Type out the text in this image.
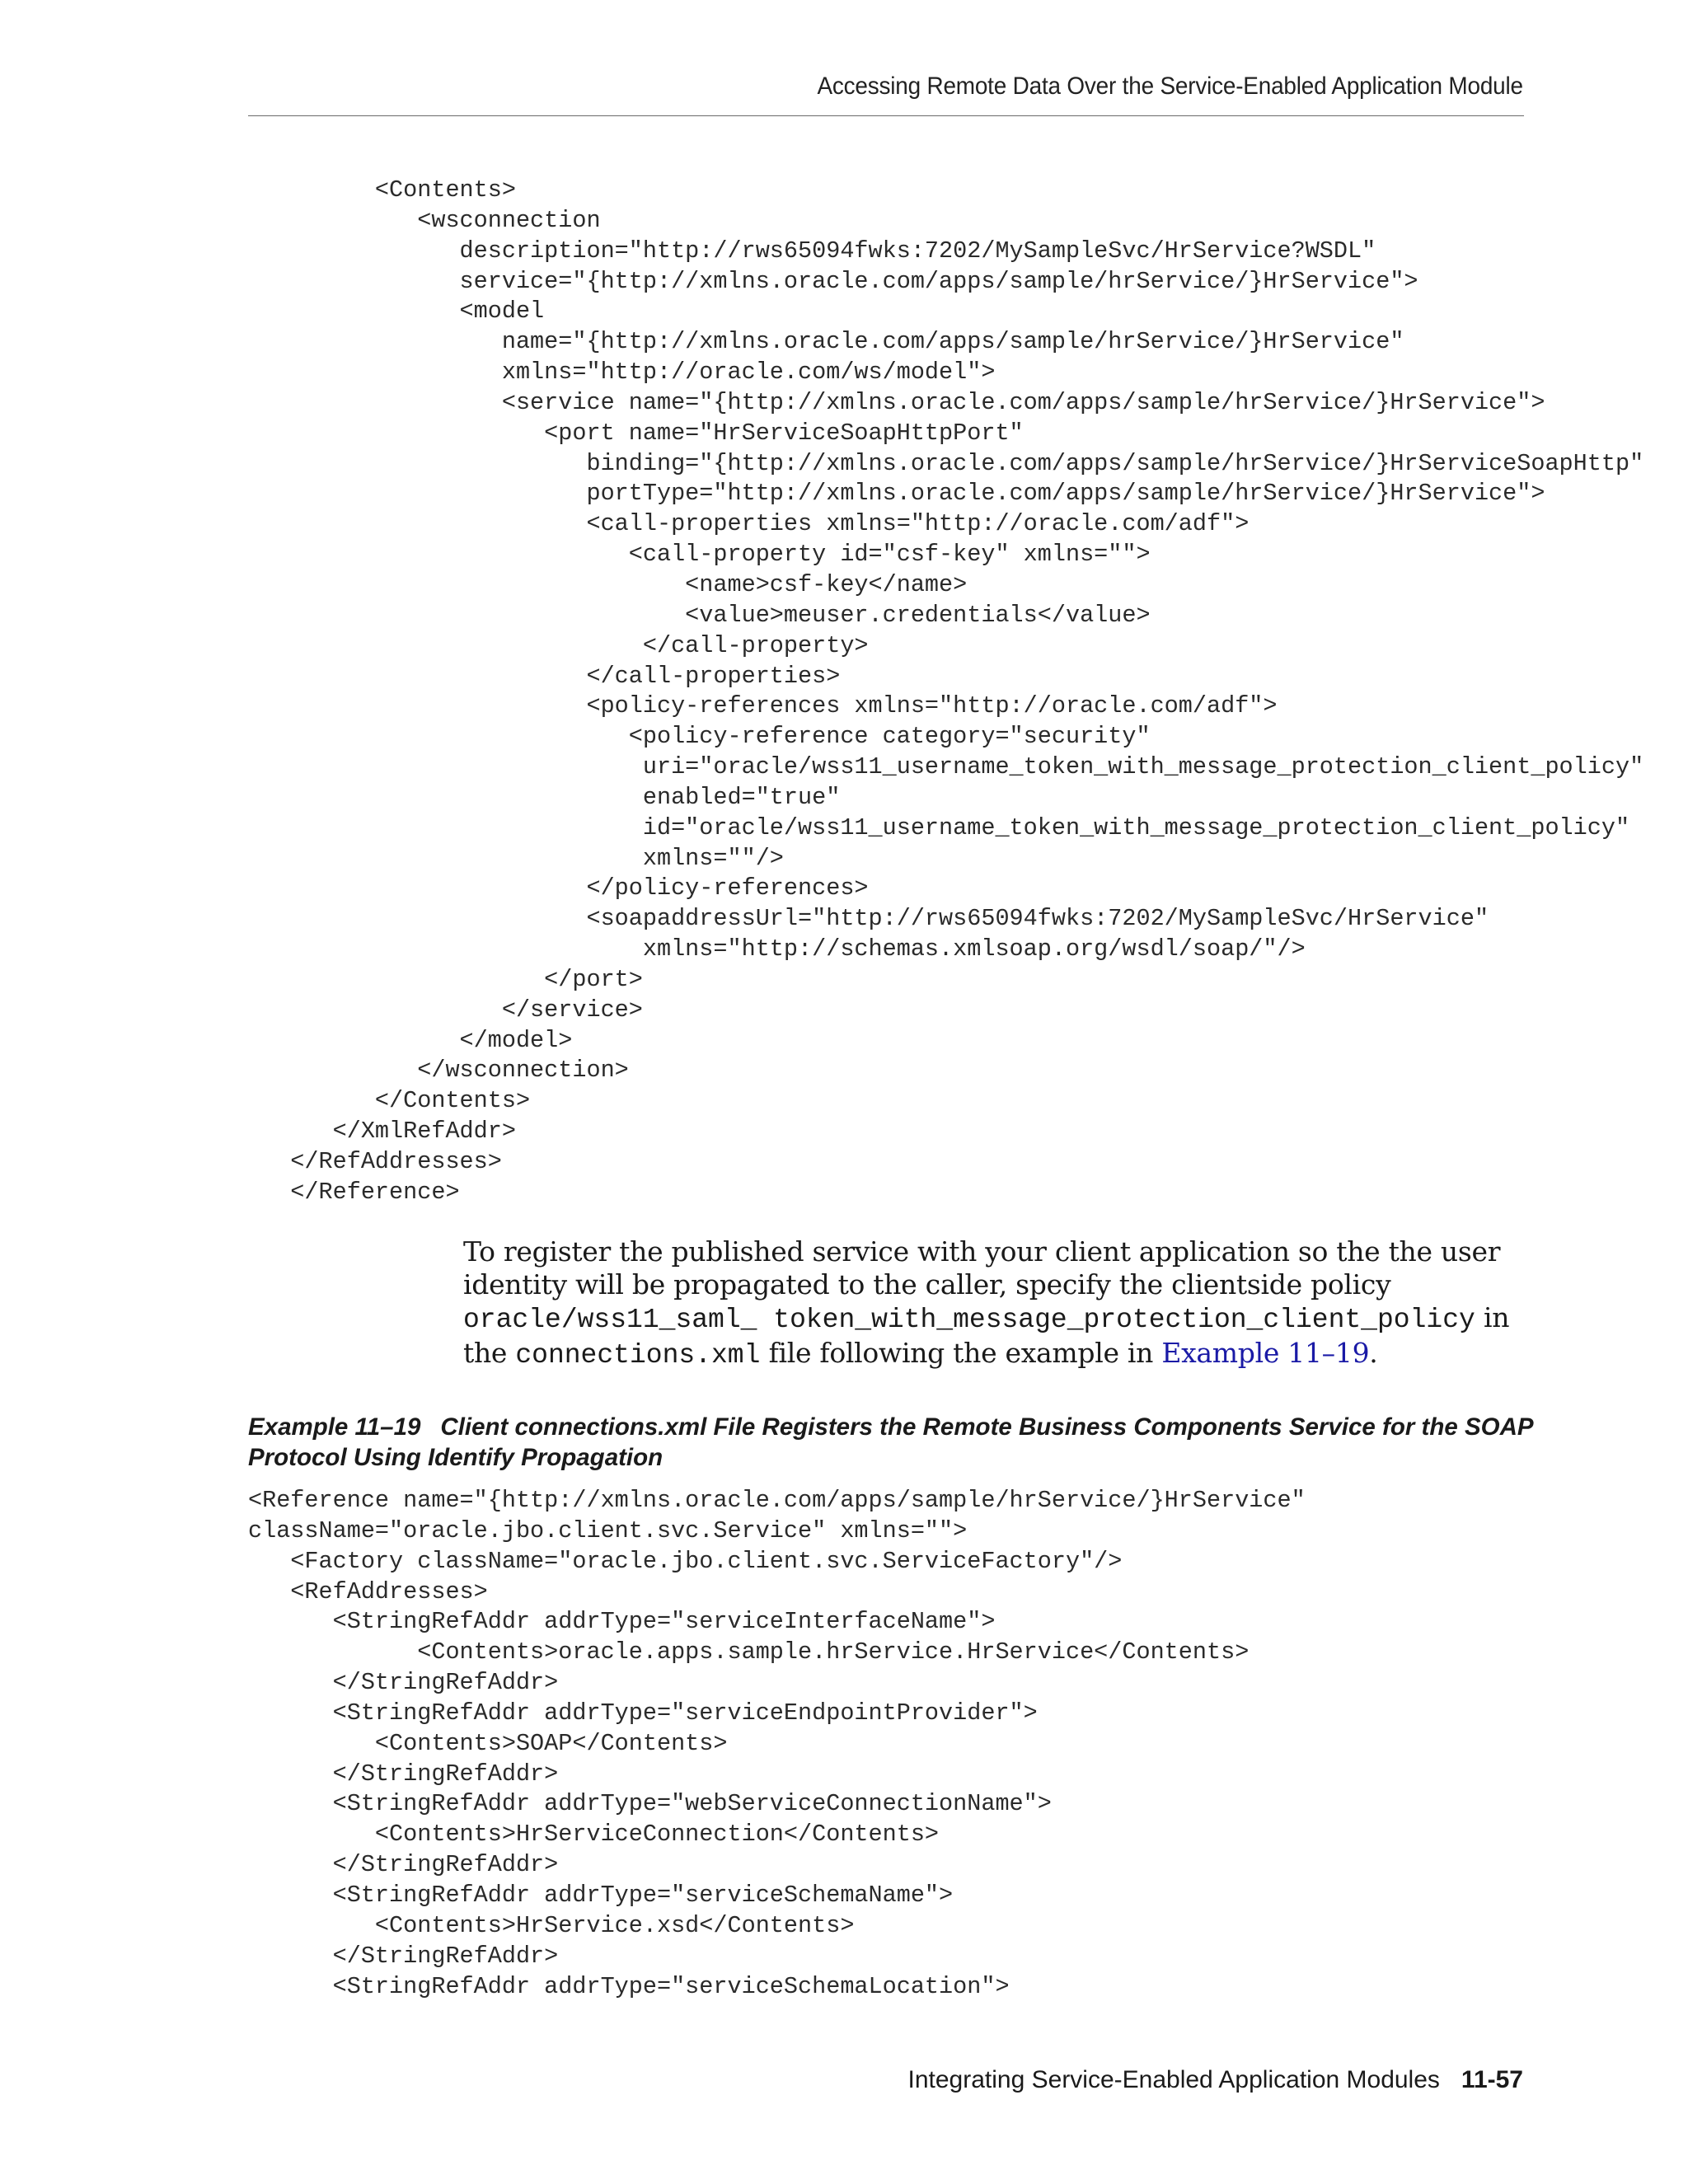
Accessing Remote Data Over the Service-Enabled Application Module
<Contents>
<wsconnection
description="http://rws65094fwks:7202/MySampleSvc/HrService?WSDL"
service="{http://xmlns.oracle.com/apps/sample/hrService/}HrService">
<model
name="{http://xmlns.oracle.com/apps/sample/hrService/}HrService"
xmlns="http://oracle.com/ws/model">
<service name="{http://xmlns.oracle.com/apps/sample/hrService/}HrService">
<port name="HrServiceSoapHttpPort"
binding="{http://xmlns.oracle.com/apps/sample/hrService/}HrServiceSoapHttp"
portType="http://xmlns.oracle.com/apps/sample/hrService/}HrService">
<call-properties xmlns="http://oracle.com/adf">
<call-property id="csf-key" xmlns="">
<name>csf-key</name>
<value>meuser.credentials</value>
</call-property>
</call-properties>
<policy-references xmlns="http://oracle.com/adf">
<policy-reference category="security"
uri="oracle/wss11_username_token_with_message_protection_client_policy"
enabled="true"
id="oracle/wss11_username_token_with_message_protection_client_policy"
xmlns=""/>
</policy-references>
<soapaddressUrl="http://rws65094fwks:7202/MySampleSvc/HrService"
xmlns="http://schemas.xmlsoap.org/wsdl/soap/"/>
</port>
</service>
</model>
</wsconnection>
</Contents>
</XmlRefAddr>
</RefAddresses>
</Reference>

To register the published service with your client application so the the user identity will be propagated to the caller, specify the clientside policy oracle/wss11_saml_ token_with_message_protection_client_policy in the connections.xml file following the example in Example 11–19.

Example 11–19 Client connections.xml File Registers the Remote Business Components Service for the SOAP Protocol Using Identify Propagation
<Reference name="{http://xmlns.oracle.com/apps/sample/hrService/}HrService"
className="oracle.jbo.client.svc.Service" xmlns="">
<Factory className="oracle.jbo.client.svc.ServiceFactory"/>
<RefAddresses>
<StringRefAddr addrType="serviceInterfaceName">
<Contents>oracle.apps.sample.hrService.HrService</Contents>
</StringRefAddr>
<StringRefAddr addrType="serviceEndpointProvider">
<Contents>SOAP</Contents>
</StringRefAddr>
<StringRefAddr addrType="webServiceConnectionName">
<Contents>HrServiceConnection</Contents>
</StringRefAddr>
<StringRefAddr addrType="serviceSchemaName">
<Contents>HrService.xsd</Contents>
</StringRefAddr>
<StringRefAddr addrType="serviceSchemaLocation">
Integrating Service-Enabled Application Modules 11-57
